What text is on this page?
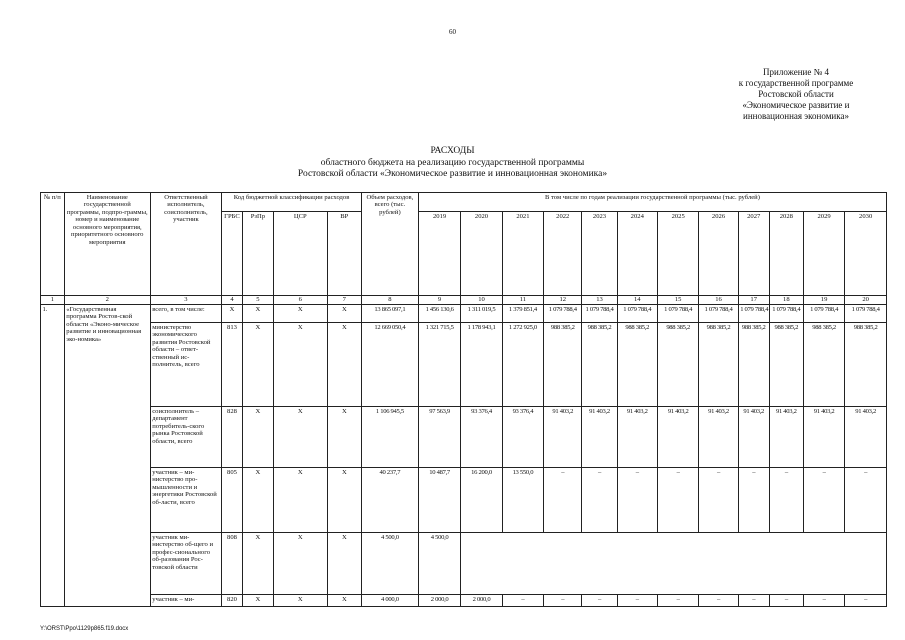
60
Приложение № 4
к государственной программе
Ростовской области
«Экономическое развитие и
инновационная экономика»
РАСХОДЫ
областного бюджета на реализацию государственной программы
Ростовской области «Экономическое развитие и инновационная экономика»
№ п/п	Наименование государственной программы, подпро-граммы, номер и наименование основного мероприятия, приоритетного основного мероприятия	Ответственный исполнитель, соисполнитель, участник	Код бюджетной классификации расходов				Объем расходов, всего (тыс. рублей)	В том числе по годам реализации государственной программы (тыс. рублей)											
			ГРБС	РзПр	ЦСР	ВР		2019	2020	2021	2022	2023	2024	2025	2026	2027	2028	2029	2030
1	2	3	4	5	6	7	8	9	10	11	12	13	14	15	16	17	18	19	20
1.	«Государственная программа Ростов-ской области «Эконо-мическое развитие и инновационная эко-номика»	всего, в том числе:	Х	Х	Х	Х	13 865 097,1	1 456 130,6	1 311 019,5	1 379 851,4	1 079 788,4	1 079 788,4	1 079 788,4	1 079 788,4	1 079 788,4	1 079 788,4	1 079 788,4	1 079 788,4	1 079 788,4
		министерство экономического развития Ростовской области – ответ-ственный ис-полнитель, всего	813	Х	Х	Х	12 669 050,4	1 321 715,5	1 178 943,1	1 272 925,0	988 385,2	988 385,2	988 385,2	988 385,2	988 385,2	988 385,2	988 385,2	988 385,2	988 385,2
		соисполнитель – департамент потребитель-ского рынка Ростовской области, всего	828	Х	Х	Х	1 106 945,5	97 563,9	93 376,4	93 376,4	91 403,2	91 403,2	91 403,2	91 403,2	91 403,2	91 403,2	91 403,2	91 403,2	91 403,2
		участник – ми-нистерство про-мышленности и энергетики Ростовской об-ласти, всего	805	Х	Х	Х	40 237,7	10 487,7	16 200,0	13 550,0	–	–	–	–	–	–	–	–	–
		участник ми-нистерство об-щего и профес-сионального об-разования Рос-товской области	808	Х	Х	Х	4 500,0	4 500,0											
		участник – ми-	820	Х	Х	Х	4 000,0	2 000,0	2 000,0	–	–	–	–	–	–	–	–	–	–
Y:\ORST\Ppo\1129p865.f19.docx
